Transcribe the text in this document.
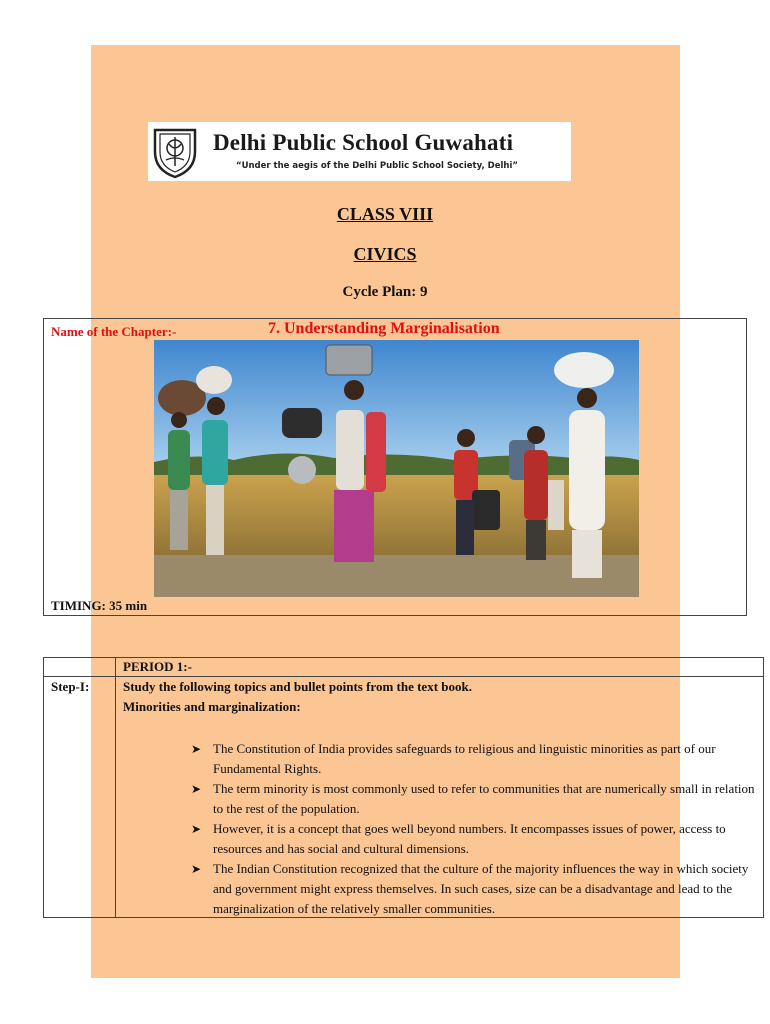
Delhi Public School Guwahati
“Under the aegis of the Delhi Public School Society, Delhi”
CLASS VIII
CIVICS
Cycle Plan: 9
Name of the Chapter:-	7. Understanding Marginalisation
TIMING: 35 min
PERIOD 1:-
Step-I:	Study the following topics and bullet points from the text book.
Minorities and marginalization:
➤ The Constitution of India provides safeguards to religious and linguistic minorities as part of our Fundamental Rights.
➤ The term minority is most commonly used to refer to communities that are numerically small in relation to the rest of the population.
➤ However, it is a concept that goes well beyond numbers. It encompasses issues of power, access to resources and has social and cultural dimensions.
➤ The Indian Constitution recognized that the culture of the majority influences the way in which society and government might express themselves. In such cases, size can be a disadvantage and lead to the marginalization of the relatively smaller communities.
